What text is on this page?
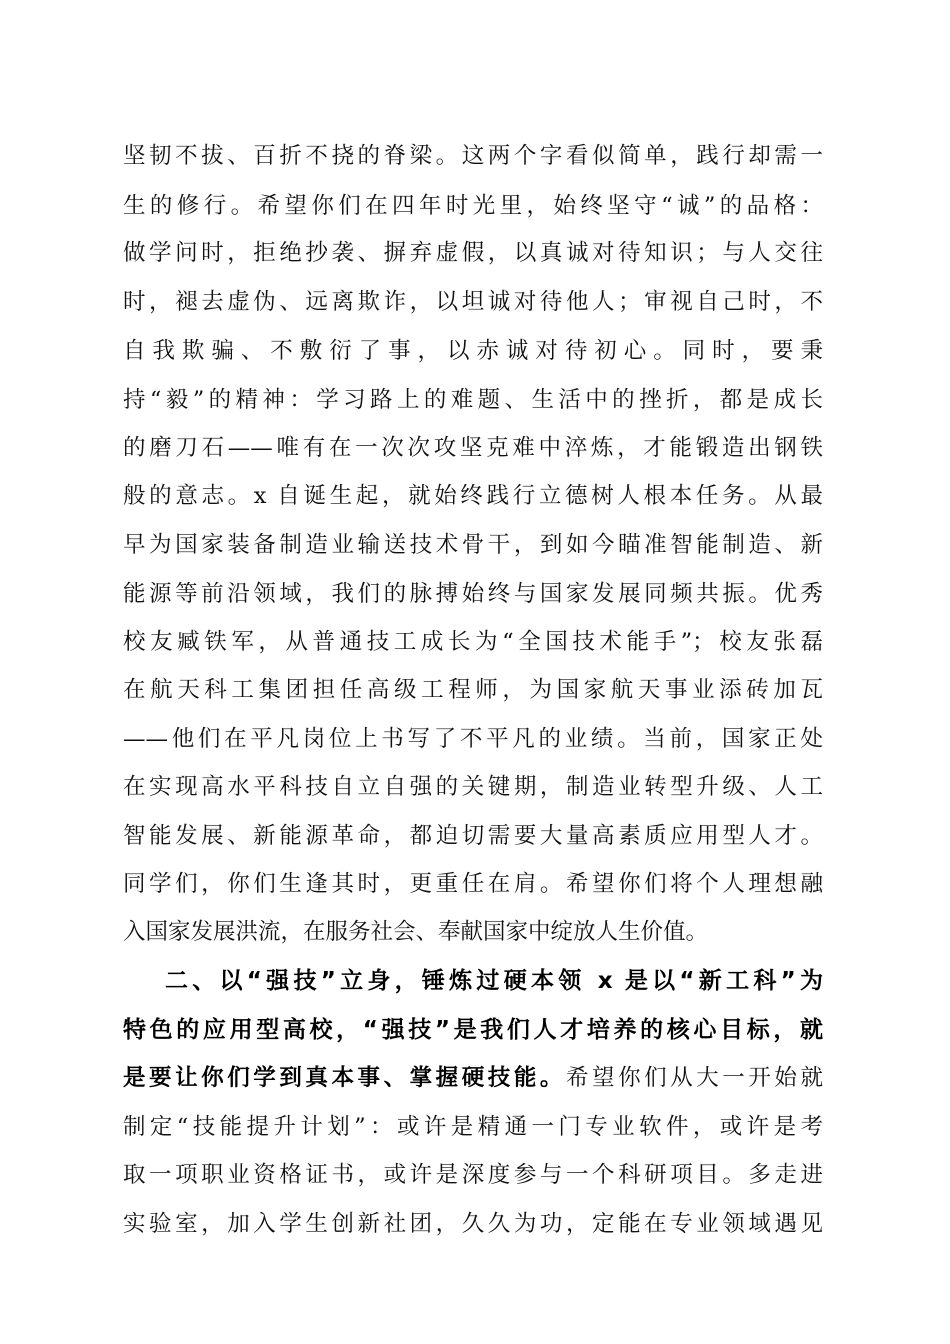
坚韧不拔、百折不挠的脊梁。这两个字看似简单，践行却需一
生的修行。希望你们在四年时光里，始终坚守“诚”的品格：
做学问时，拒绝抄袭、摒弃虚假，以真诚对待知识；与人交往
时，褪去虚伪、远离欺诈，以坦诚对待他人；审视自己时，不
自我欺骗、不敷衍了事，以赤诚对待初心。同时，要秉
持“毅”的精神：学习路上的难题、生活中的挫折，都是成长
的磨刀石——唯有在一次次攻坚克难中淬炼，才能锻造出钢铁
般的意志。x 自诞生起，就始终践行立德树人根本任务。从最
早为国家装备制造业输送技术骨干，到如今瞄准智能制造、新
能源等前沿领域，我们的脉搏始终与国家发展同频共振。优秀
校友臧铁军，从普通技工成长为“全国技术能手”；校友张磊
在航天科工集团担任高级工程师，为国家航天事业添砖加瓦
——他们在平凡岗位上书写了不平凡的业绩。当前，国家正处
在实现高水平科技自立自强的关键期，制造业转型升级、人工
智能发展、新能源革命，都迫切需要大量高素质应用型人才。
同学们，你们生逢其时，更重任在肩。希望你们将个人理想融
入国家发展洪流，在服务社会、奉献国家中绽放人生价值。
二、以“强技”立身，锤炼过硬本领 x 是以“新工科”为
特色的应用型高校，“强技”是我们人才培养的核心目标，就
是要让你们学到真本事、掌握硬技能。希望你们从大一开始就
制定“技能提升计划”：或许是精通一门专业软件，或许是考
取一项职业资格证书，或许是深度参与一个科研项目。多走进
实验室，加入学生创新社团，久久为功，定能在专业领域遇见
